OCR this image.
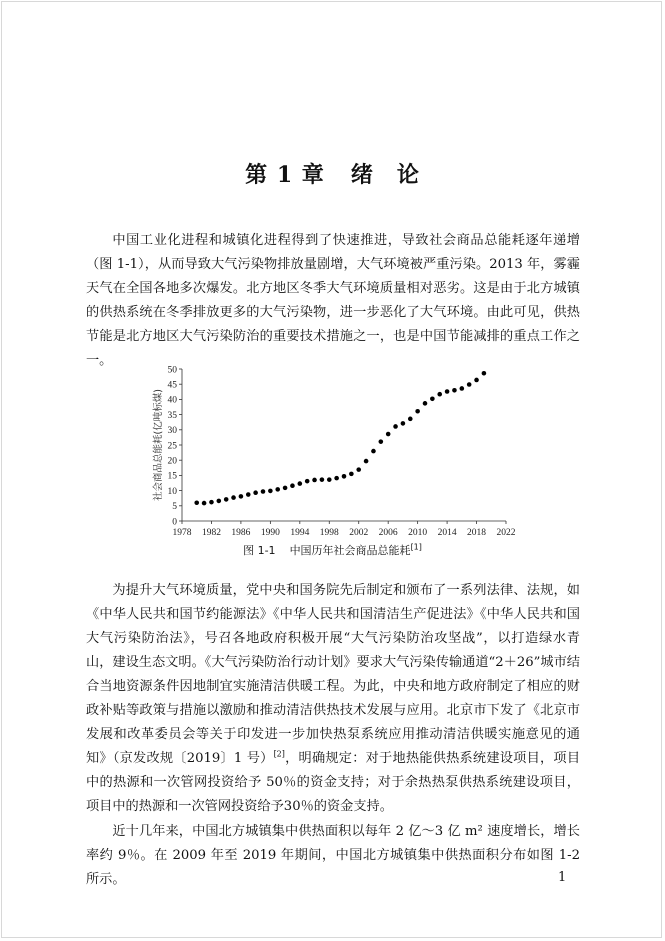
第 1 章 绪　论

中国工业化进程和城镇化进程得到了快速推进，导致社会商品总能耗逐年递增（图 1-1），从而导致大气污染物排放量剧增，大气环境被严重污染。2013 年，雾霾天气在全国各地多次爆发。北方地区冬季大气环境质量相对恶劣。这是由于北方城镇的供热系统在冬季排放更多的大气污染物，进一步恶化了大气环境。由此可见，供热节能是北方地区大气污染防治的重要技术措施之一，也是中国节能减排的重点工作之一。

1978 1982 1986 1990 1994 1998 2002 2006 2010 2014 2018 2022
0
5
10
15
20
25
30
35
40
45
50
社会商品总能耗(亿吨标煤)
图 1-1 中国历年社会商品总能耗[1]

为提升大气环境质量，党中央和国务院先后制定和颁布了一系列法律、法规，如《中华人民共和国节约能源法》《中华人民共和国清洁生产促进法》《中华人民共和国大气污染防治法》，号召各地政府积极开展“大气污染防治攻坚战”，以打造绿水青山，建设生态文明。《大气污染防治行动计划》要求大气污染传输通道“2＋26”城市结合当地资源条件因地制宜实施清洁供暖工程。为此，中央和地方政府制定了相应的财政补贴等政策与措施以激励和推动清洁供热技术发展与应用。北京市下发了《北京市发展和改革委员会等关于印发进一步加快热泵系统应用推动清洁供暖实施意见的通知》（京发改规〔2019〕1 号）[2]，明确规定：对于地热能供热系统建设项目，项目中的热源和一次管网投资给予 50％的资金支持；对于余热热泵供热系统建设项目，项目中的热源和一次管网投资给予30％的资金支持。

近十几年来，中国北方城镇集中供热面积以每年 2 亿～3 亿 m² 速度增长，增长率约 9％。在 2009 年至 2019 年期间，中国北方城镇集中供热面积分布如图 1-2 所示。	1
